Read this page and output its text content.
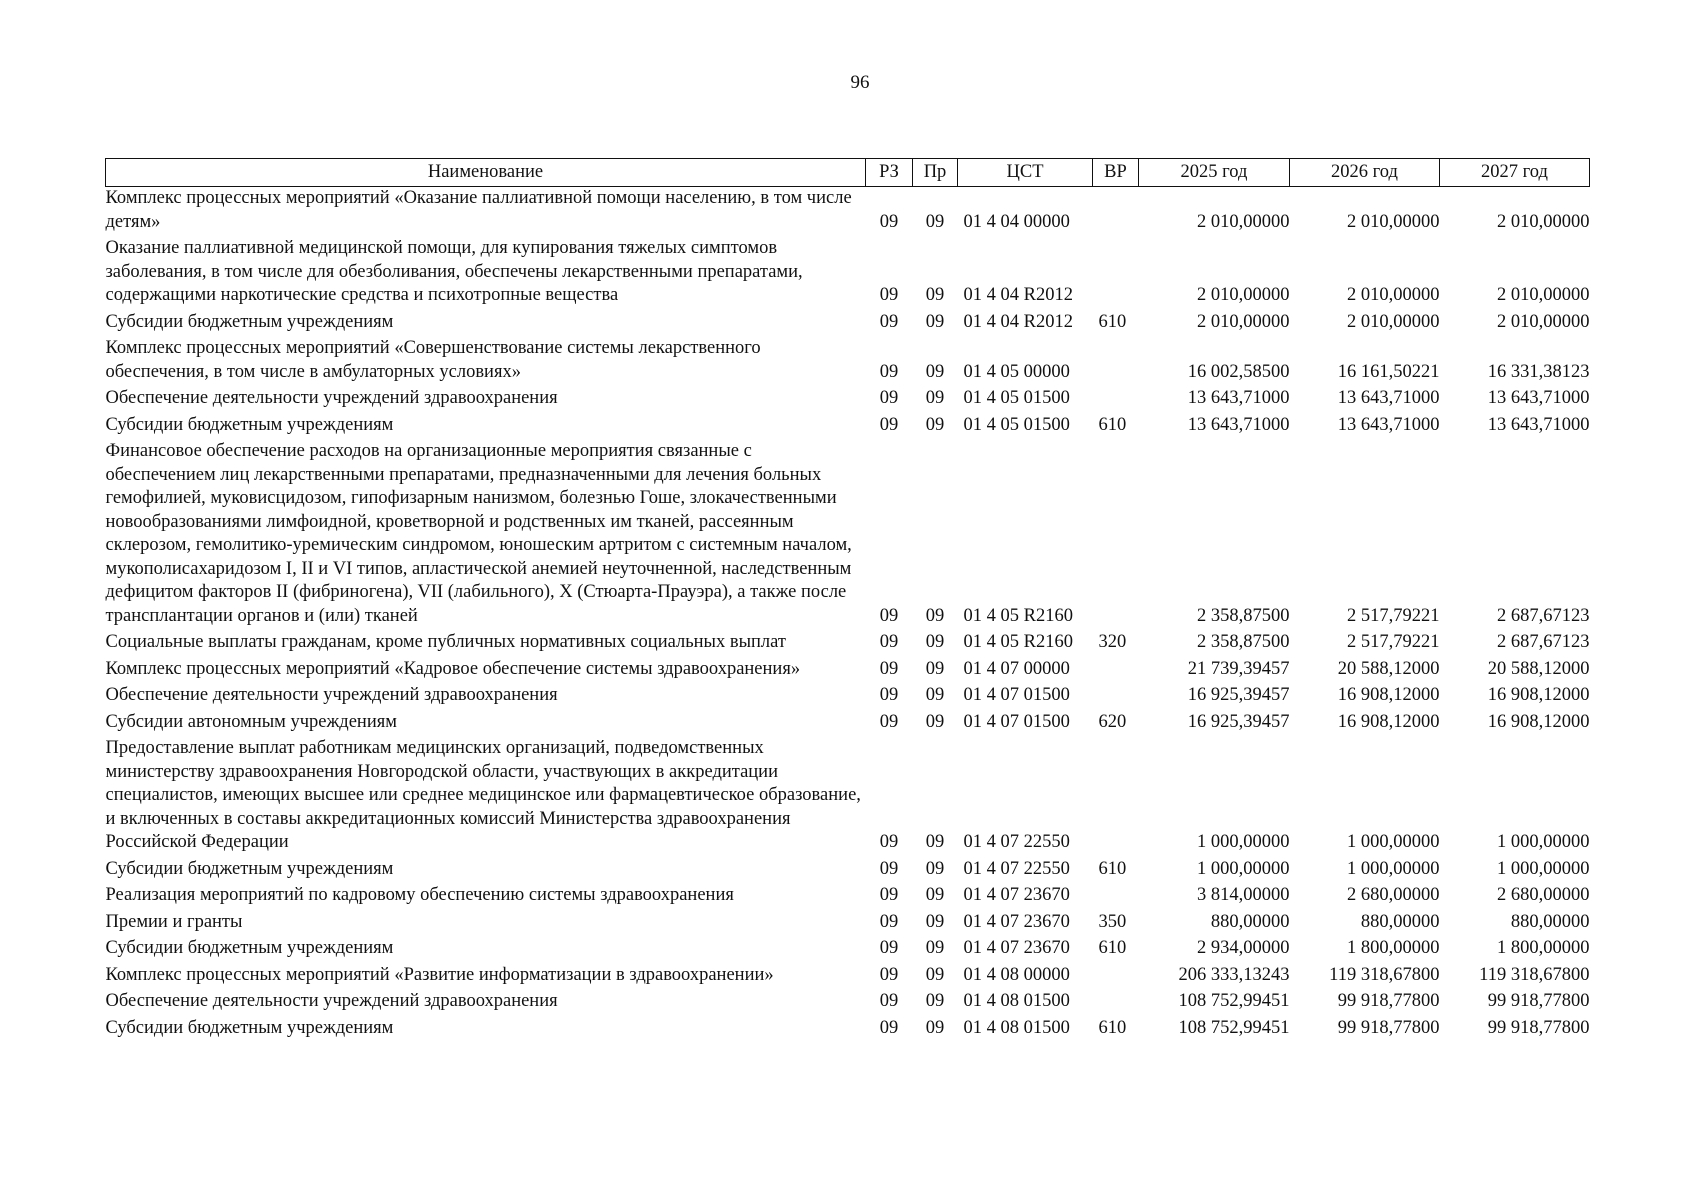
96
Наименование	РЗ	Пр	ЦСТ	ВР	2025 год	2026 год	2027 год
Комплекс процессных мероприятий «Оказание паллиативной помощи населению, в том числе детям»	09	09	01 4 04 00000		2 010,00000	2 010,00000	2 010,00000
Оказание паллиативной медицинской помощи, для купирования тяжелых симптомов заболевания, в том числе для обезболивания, обеспечены лекарственными препаратами, содержащими наркотические средства и психотропные вещества	09	09	01 4 04 R2012		2 010,00000	2 010,00000	2 010,00000
Субсидии бюджетным учреждениям	09	09	01 4 04 R2012	610	2 010,00000	2 010,00000	2 010,00000
Комплекс процессных мероприятий «Совершенствование системы лекарственного обеспечения, в том числе в амбулаторных условиях»	09	09	01 4 05 00000		16 002,58500	16 161,50221	16 331,38123
Обеспечение деятельности учреждений здравоохранения	09	09	01 4 05 01500		13 643,71000	13 643,71000	13 643,71000
Субсидии бюджетным учреждениям	09	09	01 4 05 01500	610	13 643,71000	13 643,71000	13 643,71000
Финансовое обеспечение расходов на организационные мероприятия связанные с обеспечением лиц лекарственными препаратами, предназначенными для лечения больных гемофилией, муковисцидозом, гипофизарным нанизмом, болезнью Гоше, злокачественными новообразованиями лимфоидной, кроветворной и родственных им тканей, рассеянным склерозом, гемолитико-уремическим синдромом, юношеским артритом с системным началом, мукополисахаридозом I, II и VI типов, апластической анемией неуточненной, наследственным дефицитом факторов II (фибриногена), VII (лабильного), X (Стюарта-Прауэра), а также после трансплантации органов и (или) тканей	09	09	01 4 05 R2160		2 358,87500	2 517,79221	2 687,67123
Социальные выплаты гражданам, кроме публичных нормативных социальных выплат	09	09	01 4 05 R2160	320	2 358,87500	2 517,79221	2 687,67123
Комплекс процессных мероприятий «Кадровое обеспечение системы здравоохранения»	09	09	01 4 07 00000		21 739,39457	20 588,12000	20 588,12000
Обеспечение деятельности учреждений здравоохранения	09	09	01 4 07 01500		16 925,39457	16 908,12000	16 908,12000
Субсидии автономным учреждениям	09	09	01 4 07 01500	620	16 925,39457	16 908,12000	16 908,12000
Предоставление выплат работникам медицинских организаций, подведомственных министерству здравоохранения Новгородской области, участвующих в аккредитации специалистов, имеющих высшее или среднее медицинское или фармацевтическое образование, и включенных в составы аккредитационных комиссий Министерства здравоохранения Российской Федерации	09	09	01 4 07 22550		1 000,00000	1 000,00000	1 000,00000
Субсидии бюджетным учреждениям	09	09	01 4 07 22550	610	1 000,00000	1 000,00000	1 000,00000
Реализация мероприятий по кадровому обеспечению системы здравоохранения	09	09	01 4 07 23670		3 814,00000	2 680,00000	2 680,00000
Премии и гранты	09	09	01 4 07 23670	350	880,00000	880,00000	880,00000
Субсидии бюджетным учреждениям	09	09	01 4 07 23670	610	2 934,00000	1 800,00000	1 800,00000
Комплекс процессных мероприятий «Развитие информатизации в здравоохранении»	09	09	01 4 08 00000		206 333,13243	119 318,67800	119 318,67800
Обеспечение деятельности учреждений здравоохранения	09	09	01 4 08 01500		108 752,99451	99 918,77800	99 918,77800
Субсидии бюджетным учреждениям	09	09	01 4 08 01500	610	108 752,99451	99 918,77800	99 918,77800
